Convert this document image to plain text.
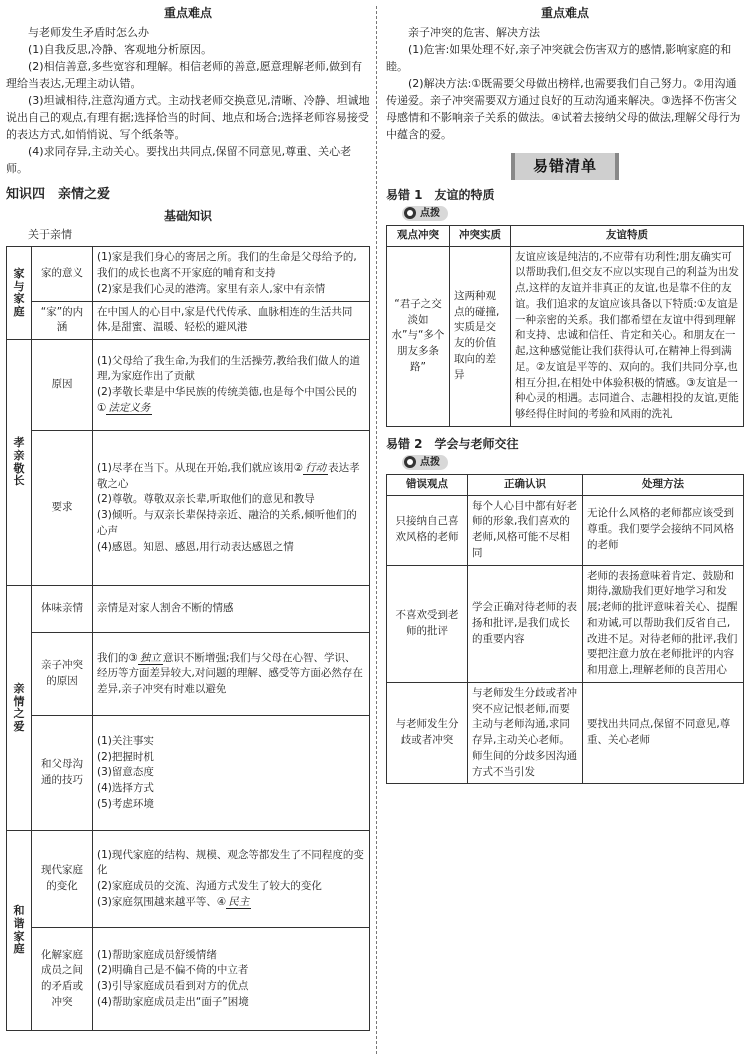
重点难点

与老师发生矛盾时怎么办

(1)自我反思,冷静、客观地分析原因。

(2)相信善意,多些宽容和理解。相信老师的善意,愿意理解老师,做到有理给当表达,无理主动认错。

(3)坦诚相待,注意沟通方式。主动找老师交换意见,清晰、冷静、坦诚地说出自己的观点,有理有据;选择恰当的时间、地点和场合;选择老师容易接受的表达方式,如悄悄说、写个纸条等。

(4)求同存异,主动关心。要找出共同点,保留不同意见,尊重、关心老师。

知识四　亲情之爱
基础知识

关于亲情

家与家庭	家的意义	(1)家是我们身心的寄居之所。我们的生命是父母给予的,我们的成长也离不开家庭的哺育和支持
(2)家是我们心灵的港湾。家里有亲人,家中有亲情

	“家”的内涵	在中国人的心目中,家是代代传承、血脉相连的生活共同体,是甜蜜、温暖、轻松的避风港

孝亲敬长	原因	(1)父母给了我生命,为我们的生活操劳,教给我们做人的道理,为家庭作出了贡献
(2)孝敬长辈是中华民族的传统美德,也是每个中国公民的① 法定义务

	要求	(1)尽孝在当下。从现在开始,我们就应该用② 行动 表达孝敬之心
(2)尊敬。尊敬双亲长辈,听取他们的意见和教导
(3)倾听。与双亲长辈保持亲近、融洽的关系,倾听他们的心声
(4)感恩。知恩、感恩,用行动表达感恩之情

亲情之爱	体味亲情	亲情是对家人割舍不断的情感

	亲子冲突的原因	我们的③ 独立 意识不断增强;我们与父母在心智、学识、经历等方面差异较大,对问题的理解、感受等方面必然存在差异,亲子冲突有时难以避免

	和父母沟通的技巧	(1)关注事实
(2)把握时机
(3)留意态度
(4)选择方式
(5)考虑环境

和谐家庭	现代家庭的变化	(1)现代家庭的结构、规模、观念等都发生了不同程度的变化
(2)家庭成员的交流、沟通方式发生了较大的变化
(3)家庭氛围越来越平等、④ 民主

	化解家庭成员之间的矛盾或冲突	(1)帮助家庭成员舒缓情绪
(2)明确自己是不偏不倚的中立者
(3)引导家庭成员看到对方的优点
(4)帮助家庭成员走出“面子”困境
重点难点

亲子冲突的危害、解决方法

(1)危害:如果处理不好,亲子冲突就会伤害双方的感情,影响家庭的和睦。

(2)解决方法:①既需要父母做出榜样,也需要我们自己努力。②用沟通传递爱。亲子冲突需要双方通过良好的互动沟通来解决。③选择不伤害父母感情和不影响亲子关系的做法。④试着去接纳父母的做法,理解父母行为中蕴含的爱。

易错清单
易错 1　友谊的特质
点拨
观点冲突	冲突实质	友谊特质
“君子之交淡如水”与“多个朋友多条路”	这两种观点的碰撞,实质是交友的价值取向的差异	友谊应该是纯洁的,不应带有功利性;朋友确实可以帮助我们,但交友不应以实现自己的利益为出发点,这样的友谊并非真正的友谊,也是靠不住的友谊。我们追求的友谊应该具备以下特质:①友谊是一种亲密的关系。我们都希望在友谊中得到理解和支持、忠诚和信任、肯定和关心。和朋友在一起,这种感觉能让我们获得认可,在精神上得到满足。②友谊是平等的、双向的。我们共同分享,也相互分担,在相处中体验积极的情感。③友谊是一种心灵的相遇。志同道合、志趣相投的友谊,更能够经得住时间的考验和风雨的洗礼
易错 2　学会与老师交往
点拨
错误观点	正确认识	处理方法
只接纳自己喜欢风格的老师	每个人心目中都有好老师的形象,我们喜欢的老师,风格可能不尽相同	无论什么风格的老师都应该受到尊重。我们要学会接纳不同风格的老师
不喜欢受到老师的批评	学会正确对待老师的表扬和批评,是我们成长的重要内容	老师的表扬意味着肯定、鼓励和期待,激励我们更好地学习和发展;老师的批评意味着关心、提醒和劝诫,可以帮助我们反省自己,改进不足。对待老师的批评,我们要把注意力放在老师批评的内容和用意上,理解老师的良苦用心
与老师发生分歧或者冲突	与老师发生分歧或者冲突不应记恨老师,而要主动与老师沟通,求同存异,主动关心老师。师生间的分歧多因沟通方式不当引发	要找出共同点,保留不同意见,尊重、关心老师
